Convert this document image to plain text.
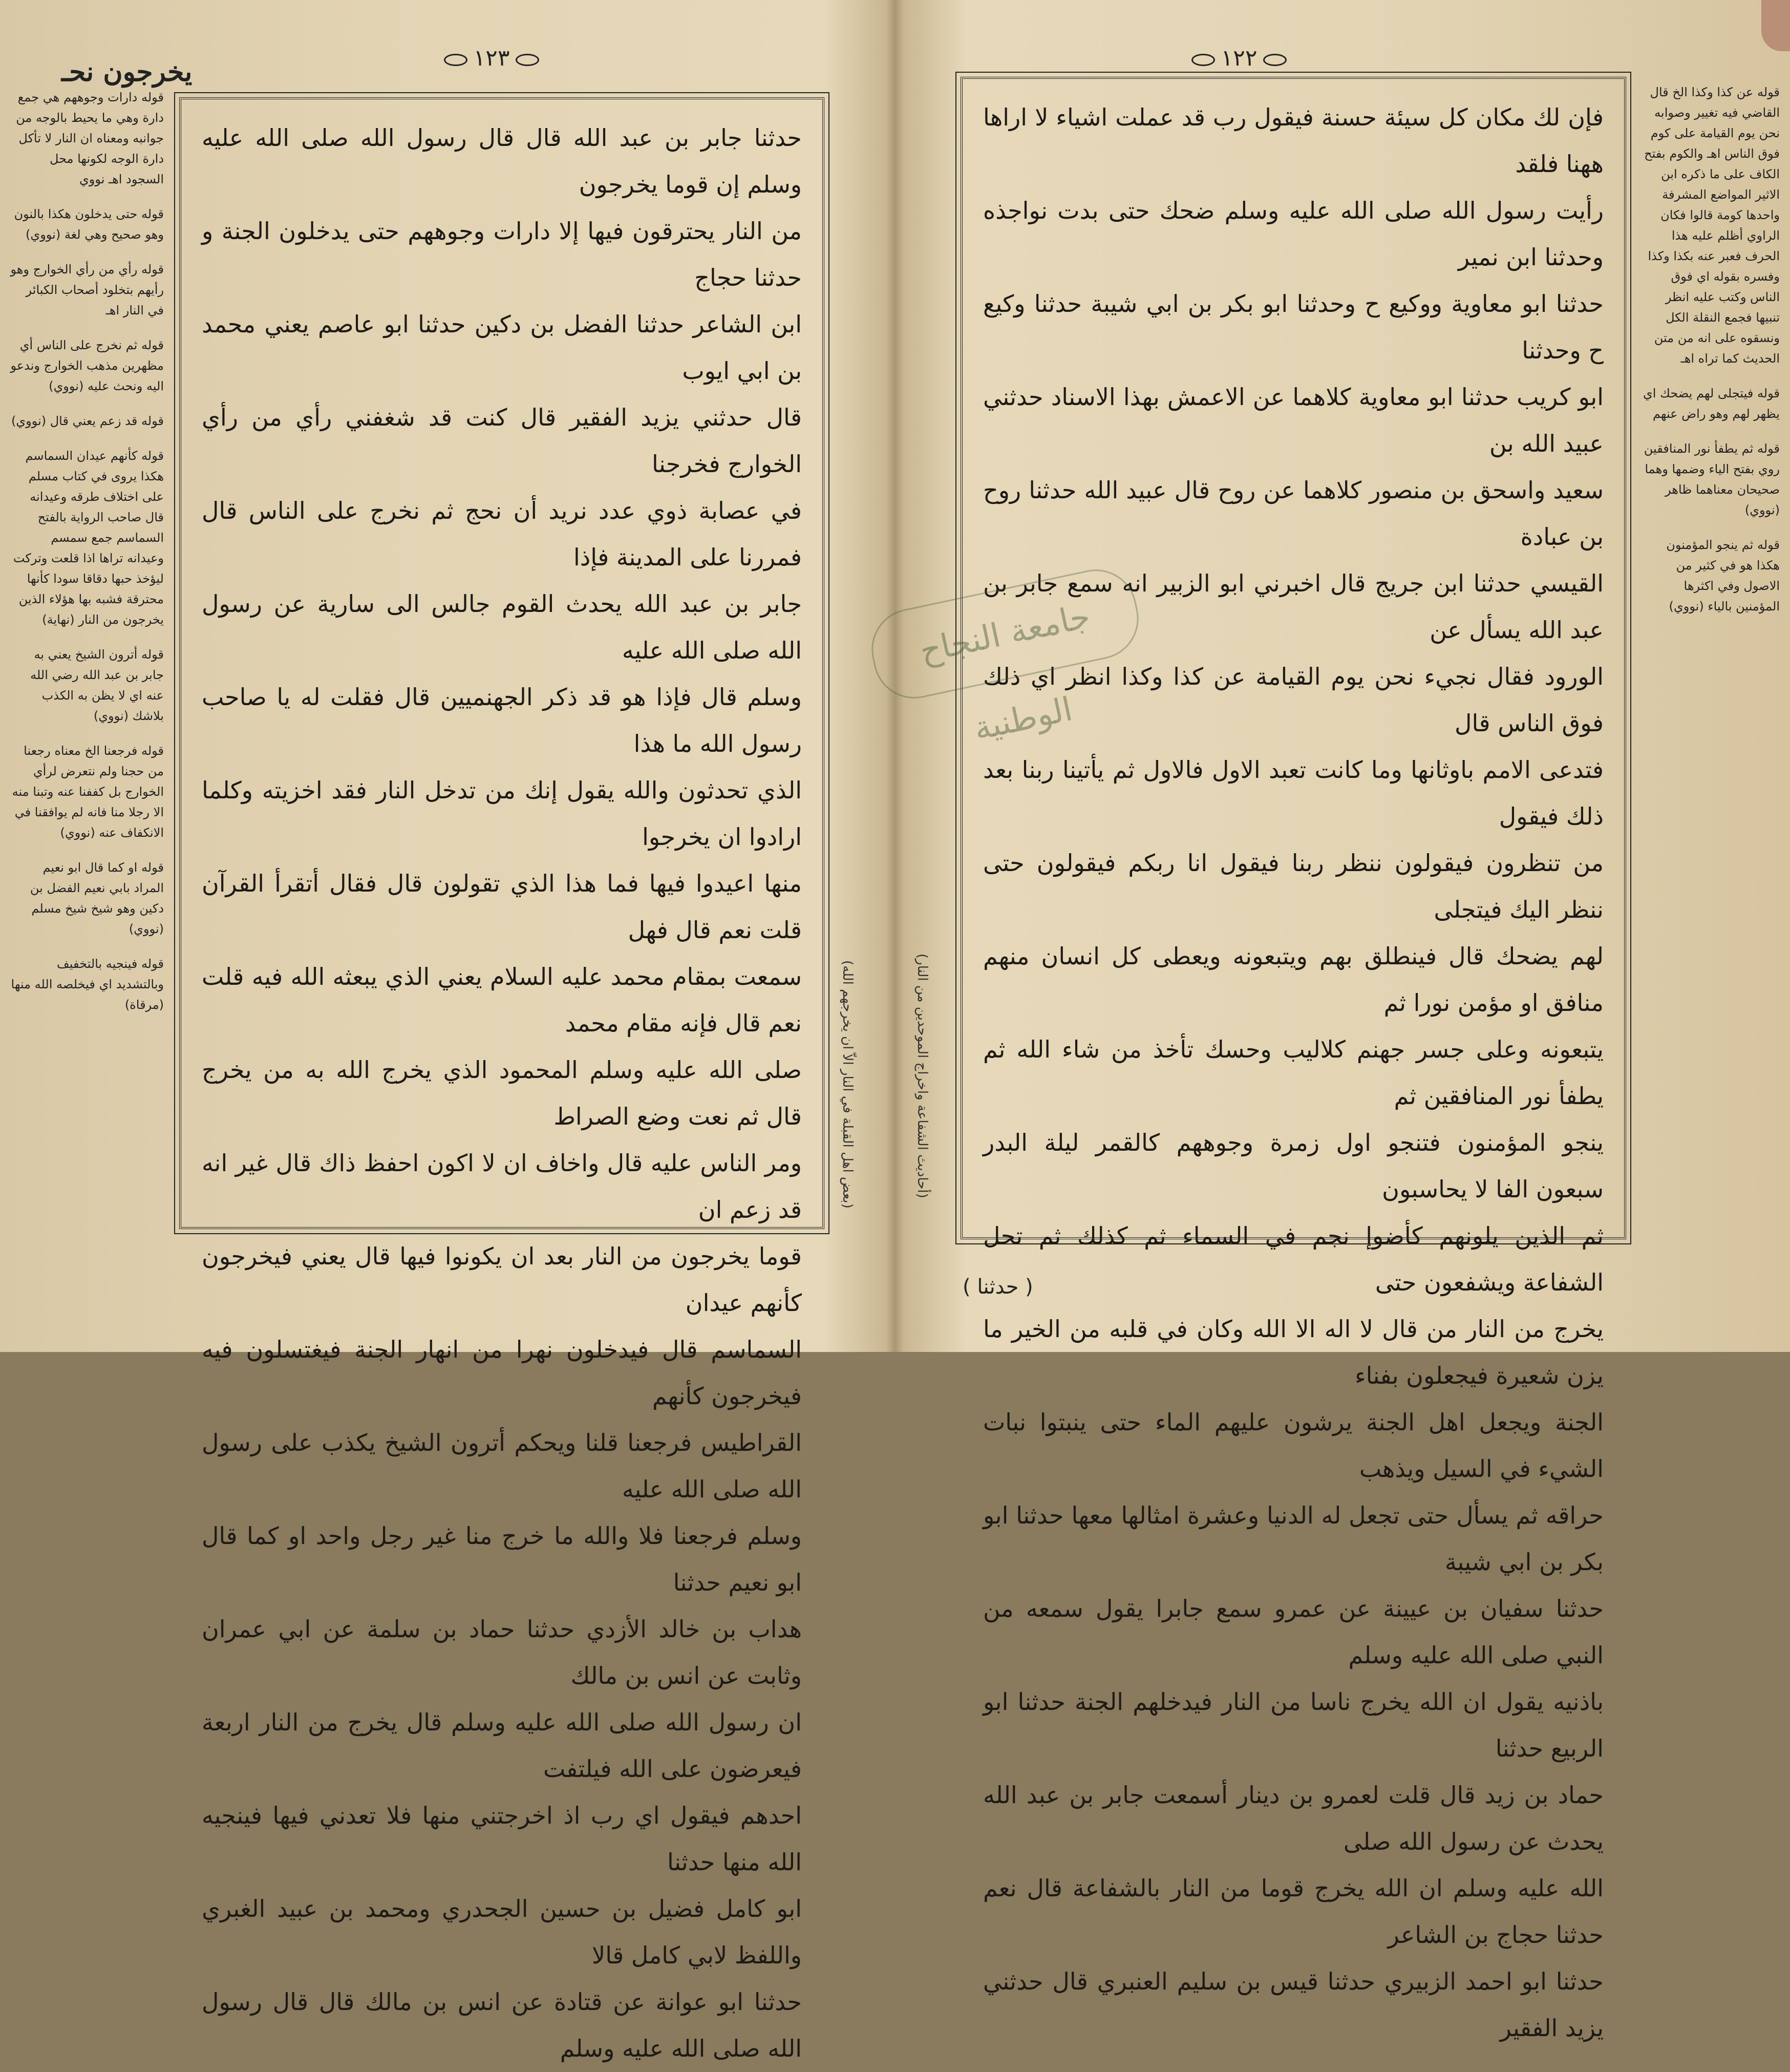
١٢٣
يخرجون نحـ
(بعض اهل القبلة في النار الاّ ان يخرجهم الله)
قوله دارات وجوههم هي جمع دارة وهي ما يحيط بالوجه من جوانبه ومعناه ان النار لا تأكل دارة الوجه لكونها محل السجود اهـ نووي
قوله حتى يدخلون هكذا بالنون وهو صحيح وهي لغة (نووي)
قوله رأي من رأي الخوارج وهو رأيهم بتخلود أصحاب الكبائر في النار اهـ
قوله ثم نخرج على الناس أي مظهرين مذهب الخوارج وندعو اليه ونحث عليه (نووي)
قوله قد زعم يعني قال (نووي)
قوله كأنهم عيدان السماسم هكذا يروى في كتاب مسلم على اختلاف طرقه وعيدانه قال صاحب الرواية بالفتح السماسم جمع سمسم وعيدانه تراها اذا قلعت وتركت ليؤخذ حبها دقاقا سودا كأنها محترقة فشبه بها هؤلاء الذين يخرجون من النار (نهاية)
قوله أترون الشيخ يعني به جابر بن عبد الله رضي الله عنه اي لا يظن به الكذب بلاشك (نووي)
قوله فرجعنا الخ معناه رجعنا من حجنا ولم نتعرض لرأي الخوارج بل كففنا عنه وتبنا منه الا رجلا منا فانه لم يوافقنا في الانكفاف عنه (نووي)
قوله او كما قال ابو نعيم المراد بابي نعيم الفضل بن دكين وهو شيخ شيخ مسلم (نووي)
قوله فينجيه بالتخفيف وبالتشديد اي فيخلصه الله منها (مرقاة)

حدثنا جابر بن عبد الله قال قال رسول الله صلى الله عليه وسلم إن قوما يخرجون

من النار يحترقون فيها إلا دارات وجوههم حتى يدخلون الجنة و حدثنا حجاج

ابن الشاعر حدثنا الفضل بن دكين حدثنا ابو عاصم يعني محمد بن ابي ايوب

قال حدثني يزيد الفقير قال كنت قد شغفني رأي من رأي الخوارج فخرجنا

في عصابة ذوي عدد نريد أن نحج ثم نخرج على الناس قال فمررنا على المدينة فإذا

جابر بن عبد الله يحدث القوم جالس الى سارية عن رسول الله صلى الله عليه

وسلم قال فإذا هو قد ذكر الجهنميين قال فقلت له يا صاحب رسول الله ما هذا

الذي تحدثون والله يقول إنك من تدخل النار فقد اخزيته وكلما ارادوا ان يخرجوا

منها اعيدوا فيها فما هذا الذي تقولون قال فقال أتقرأ القرآن قلت نعم قال فهل

سمعت بمقام محمد عليه السلام يعني الذي يبعثه الله فيه قلت نعم قال فإنه مقام محمد

صلى الله عليه وسلم المحمود الذي يخرج الله به من يخرج قال ثم نعت وضع الصراط

ومر الناس عليه قال واخاف ان لا اكون احفظ ذاك قال غير انه قد زعم ان

قوما يخرجون من النار بعد ان يكونوا فيها قال يعني فيخرجون كأنهم عيدان

السماسم قال فيدخلون نهرا من انهار الجنة فيغتسلون فيه فيخرجون كأنهم

القراطيس فرجعنا قلنا ويحكم أترون الشيخ يكذب على رسول الله صلى الله عليه

وسلم فرجعنا فلا والله ما خرج منا غير رجل واحد او كما قال ابو نعيم حدثنا

هداب بن خالد الأزدي حدثنا حماد بن سلمة عن ابي عمران وثابت عن انس بن مالك

ان رسول الله صلى الله عليه وسلم قال يخرج من النار اربعة فيعرضون على الله فيلتفت

احدهم فيقول اي رب اذ اخرجتني منها فلا تعدني فيها فينجيه الله منها حدثنا

ابو كامل فضيل بن حسين الجحدري ومحمد بن عبيد الغبري واللفظ لابي كامل قالا

حدثنا ابو عوانة عن قتادة عن انس بن مالك قال قال رسول الله صلى الله عليه وسلم

(أحاديث الشفاعة واخراج الموحدين من النار)

فإن لك مكان كل سيئة حسنة فيقول رب قد عملت اشياء لا اراها ههنا فلقد

رأيت رسول الله صلى الله عليه وسلم ضحك حتى بدت نواجذه وحدثنا ابن نمير

حدثنا ابو معاوية ووكيع ح وحدثنا ابو بكر بن ابي شيبة حدثنا وكيع ح وحدثنا

ابو كريب حدثنا ابو معاوية كلاهما عن الاعمش بهذا الاسناد حدثني عبيد الله بن

سعيد واسحق بن منصور كلاهما عن روح قال عبيد الله حدثنا روح بن عبادة

القيسي حدثنا ابن جريج قال اخبرني ابو الزبير انه سمع جابر بن عبد الله يسأل عن

الورود فقال نجيء نحن يوم القيامة عن كذا وكذا انظر اي ذلك فوق الناس قال

فتدعى الامم باوثانها وما كانت تعبد الاول فالاول ثم يأتينا ربنا بعد ذلك فيقول

من تنظرون فيقولون ننظر ربنا فيقول انا ربكم فيقولون حتى ننظر اليك فيتجلى

لهم يضحك قال فينطلق بهم ويتبعونه ويعطى كل انسان منهم منافق او مؤمن نورا ثم

يتبعونه وعلى جسر جهنم كلاليب وحسك تأخذ من شاء الله ثم يطفأ نور المنافقين ثم

ينجو المؤمنون فتنجو اول زمرة وجوههم كالقمر ليلة البدر سبعون الفا لا يحاسبون

ثم الذين يلونهم كأضوإ نجم في السماء ثم كذلك ثم تحل الشفاعة ويشفعون حتى

يخرج من النار من قال لا اله الا الله وكان في قلبه من الخير ما يزن شعيرة فيجعلون بفناء

الجنة ويجعل اهل الجنة يرشون عليهم الماء حتى ينبتوا نبات الشيء في السيل ويذهب

حراقه ثم يسأل حتى تجعل له الدنيا وعشرة امثالها معها حدثنا ابو بكر بن ابي شيبة

حدثنا سفيان بن عيينة عن عمرو سمع جابرا يقول سمعه من النبي صلى الله عليه وسلم

باذنيه يقول ان الله يخرج ناسا من النار فيدخلهم الجنة حدثنا ابو الربيع حدثنا

حماد بن زيد قال قلت لعمرو بن دينار أسمعت جابر بن عبد الله يحدث عن رسول الله صلى

الله عليه وسلم ان الله يخرج قوما من النار بالشفاعة قال نعم حدثنا حجاج بن الشاعر

حدثنا ابو احمد الزبيري حدثنا قيس بن سليم العنبري قال حدثني يزيد الفقير

قوله عن كذا وكذا الخ قال القاضي فيه تغيير وصوابه نحن يوم القيامة على كوم فوق الناس اهـ والكوم بفتح الكاف على ما ذكره ابن الاثير المواضع المشرفة واحدها كومة قالوا فكان الراوي أظلم عليه هذا الحرف فعبر عنه بكذا وكذا وفسره بقوله اي فوق الناس وكتب عليه انظر تنبيها فجمع النقلة الكل ونسقوه على انه من متن الحديث كما تراه اهـ
قوله فيتجلى لهم يضحك اي يظهر لهم وهو راض عنهم
قوله ثم يطفأ نور المنافقين روي بفتح الياء وضمها وهما صحيحان معناهما ظاهر (نووي)
قوله ثم ينجو المؤمنون هكذا هو في كثير من الاصول وفي اكثرها المؤمنين بالياء (نووي)
١٢٢
( حدثنا )
جامعة النجاح الوطنية
